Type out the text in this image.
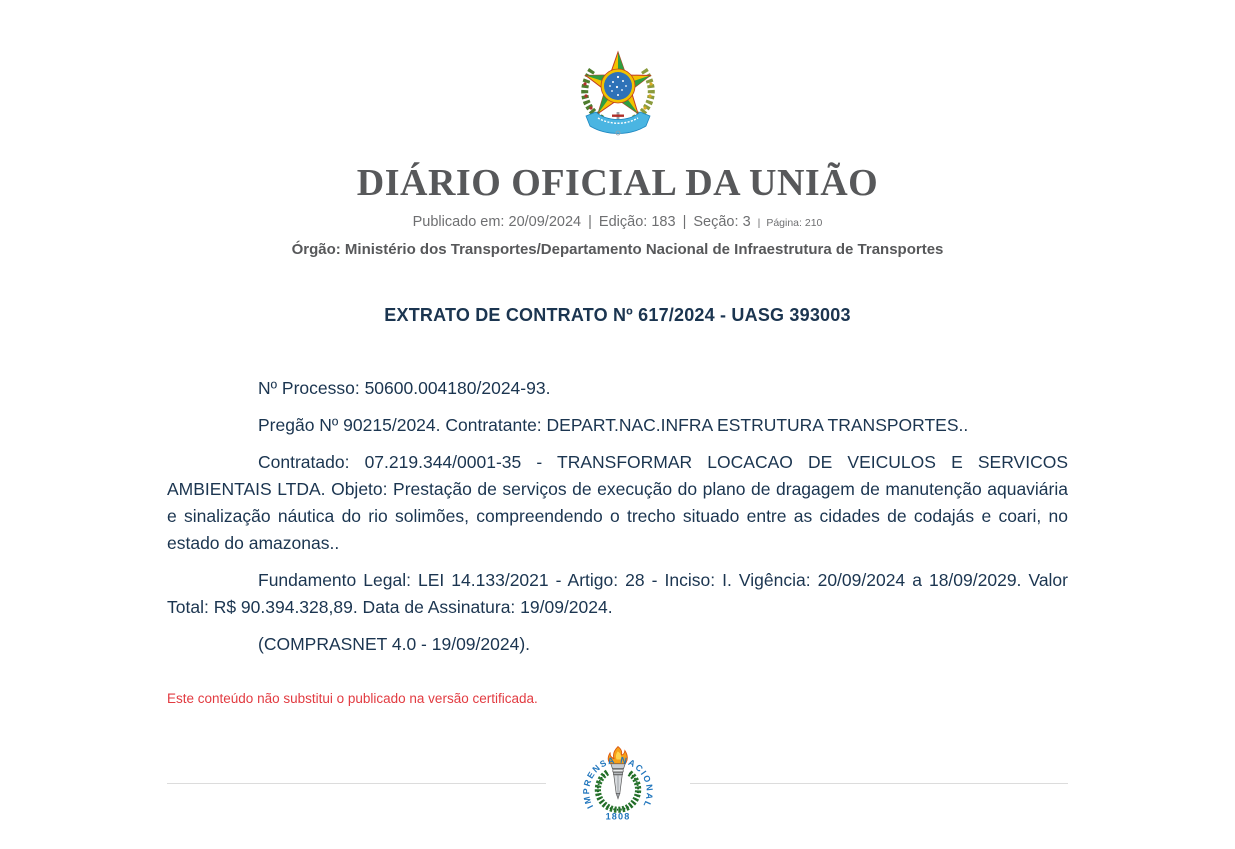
DIÁRIO OFICIAL DA UNIÃO
Publicado em: 20/09/2024 | Edição: 183 | Seção: 3 | Página: 210
Órgão: Ministério dos Transportes/Departamento Nacional de Infraestrutura de Transportes
EXTRATO DE CONTRATO Nº 617/2024 - UASG 393003

Nº Processo: 50600.004180/2024-93.

Pregão Nº 90215/2024. Contratante: DEPART.NAC.INFRA ESTRUTURA TRANSPORTES..

Contratado: 07.219.344/0001-35 - TRANSFORMAR LOCACAO DE VEICULOS E SERVICOS AMBIENTAIS LTDA. Objeto: Prestação de serviços de execução do plano de dragagem de manutenção aquaviária e sinalização náutica do rio solimões, compreendendo o trecho situado entre as cidades de codajás e coari, no estado do amazonas..

Fundamento Legal: LEI 14.133/2021 - Artigo: 28 - Inciso: I. Vigência: 20/09/2024 a 18/09/2029. Valor Total: R$ 90.394.328,89. Data de Assinatura: 19/09/2024.

(COMPRASNET 4.0 - 19/09/2024).

Este conteúdo não substitui o publicado na versão certificada.

IMPRENSA NACIONAL
1808
